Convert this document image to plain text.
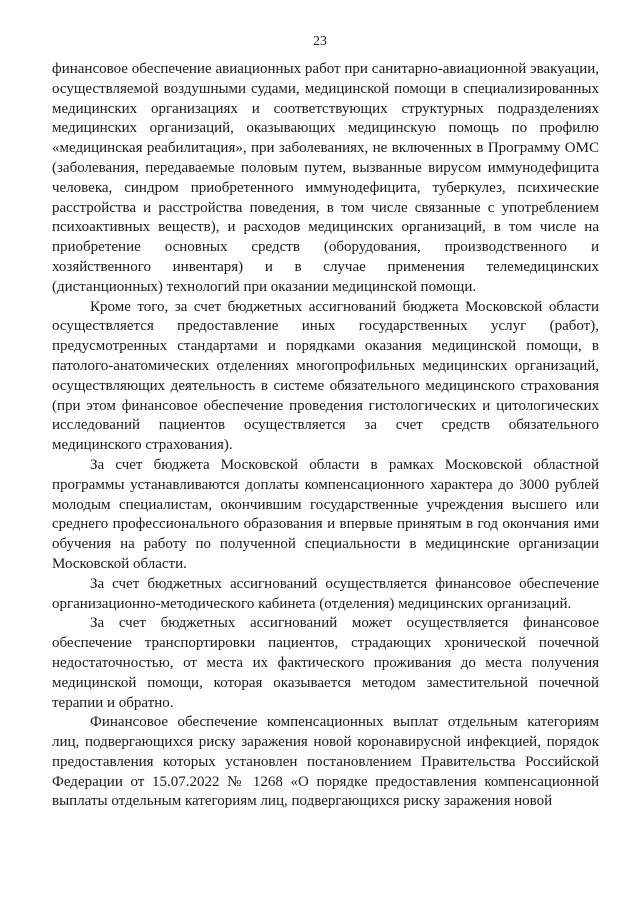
23

финансовое обеспечение авиационных работ при санитарно-авиационной эвакуации, осуществляемой воздушными судами, медицинской помощи в специализированных медицинских организациях и соответствующих структурных подразделениях медицинских организаций, оказывающих медицинскую помощь по профилю «медицинская реабилитация», при заболеваниях, не включенных в Программу ОМС (заболевания, передаваемые половым путем, вызванные вирусом иммунодефицита человека, синдром приобретенного иммунодефицита, туберкулез, психические расстройства и расстройства поведения, в том числе связанные с употреблением психоактивных веществ), и расходов медицинских организаций, в том числе на приобретение основных средств (оборудования, производственного и хозяйственного инвентаря) и в случае применения телемедицинских (дистанционных) технологий при оказании медицинской помощи.

Кроме того, за счет бюджетных ассигнований бюджета Московской области осуществляется предоставление иных государственных услуг (работ), предусмотренных стандартами и порядками оказания медицинской помощи, в патолого-анатомических отделениях многопрофильных медицинских организаций, осуществляющих деятельность в системе обязательного медицинского страхования (при этом финансовое обеспечение проведения гистологических и цитологических исследований пациентов осуществляется за счет средств обязательного медицинского страхования).

За счет бюджета Московской области в рамках Московской областной программы устанавливаются доплаты компенсационного характера до 3000 рублей молодым специалистам, окончившим государственные учреждения высшего или среднего профессионального образования и впервые принятым в год окончания ими обучения на работу по полученной специальности в медицинские организации Московской области.

За счет бюджетных ассигнований осуществляется финансовое обеспечение организационно-методического кабинета (отделения) медицинских организаций.

За счет бюджетных ассигнований может осуществляется финансовое обеспечение транспортировки пациентов, страдающих хронической почечной недостаточностью, от места их фактического проживания до места получения медицинской помощи, которая оказывается методом заместительной почечной терапии и обратно.

Финансовое обеспечение компенсационных выплат отдельным категориям лиц, подвергающихся риску заражения новой коронавирусной инфекцией, порядок предоставления которых установлен постановлением Правительства Российской Федерации от 15.07.2022 № 1268 «О порядке предоставления компенсационной выплаты отдельным категориям лиц, подвергающихся риску заражения новой
